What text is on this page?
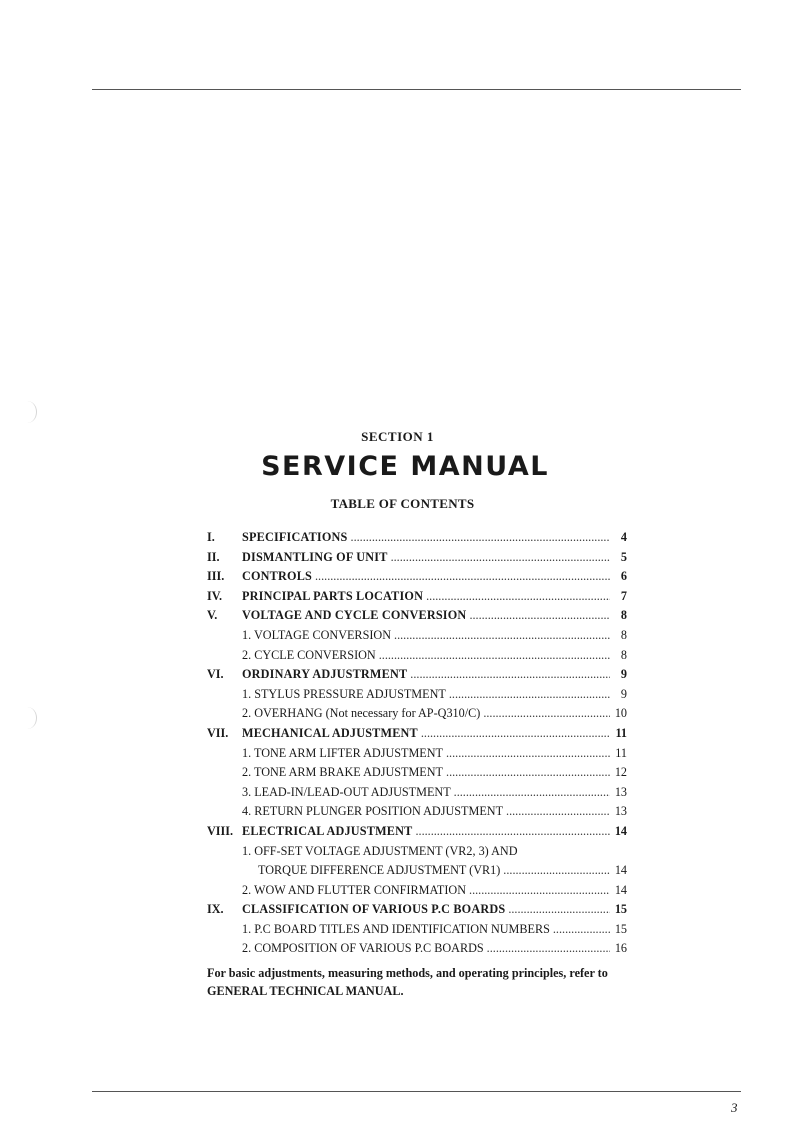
SECTION 1
SERVICE MANUAL
TABLE OF CONTENTS
I.	SPECIFICATIONS .....	4
II.	DISMANTLING OF UNIT .....	5
III.	CONTROLS .....	6
IV.	PRINCIPAL PARTS LOCATION .....	7
V.	VOLTAGE AND CYCLE CONVERSION .....	8
1. VOLTAGE CONVERSION .....	8
2. CYCLE CONVERSION .....	8
VI.	ORDINARY ADJUSTRMENT .....	9
1. STYLUS PRESSURE ADJUSTMENT .....	9
2. OVERHANG (Not necessary for AP-Q310/C) .....	10
VII.	MECHANICAL ADJUSTMENT .....	11
1. TONE ARM LIFTER ADJUSTMENT .....	11
2. TONE ARM BRAKE ADJUSTMENT .....	12
3. LEAD-IN/LEAD-OUT ADJUSTMENT .....	13
4. RETURN PLUNGER POSITION ADJUSTMENT .....	13
VIII. ELECTRICAL ADJUSTMENT .....	14
1. OFF-SET VOLTAGE ADJUSTMENT (VR2, 3) AND
TORQUE DIFFERENCE ADJUSTMENT (VR1) .....	14
2. WOW AND FLUTTER CONFIRMATION .....	14
IX.	CLASSIFICATION OF VARIOUS P.C BOARDS .....	15
1. P.C BOARD TITLES AND IDENTIFICATION NUMBERS .....	15
2. COMPOSITION OF VARIOUS P.C BOARDS .....	16
For basic adjustments, measuring methods, and operating principles, refer to GENERAL TECHNICAL MANUAL.
3
